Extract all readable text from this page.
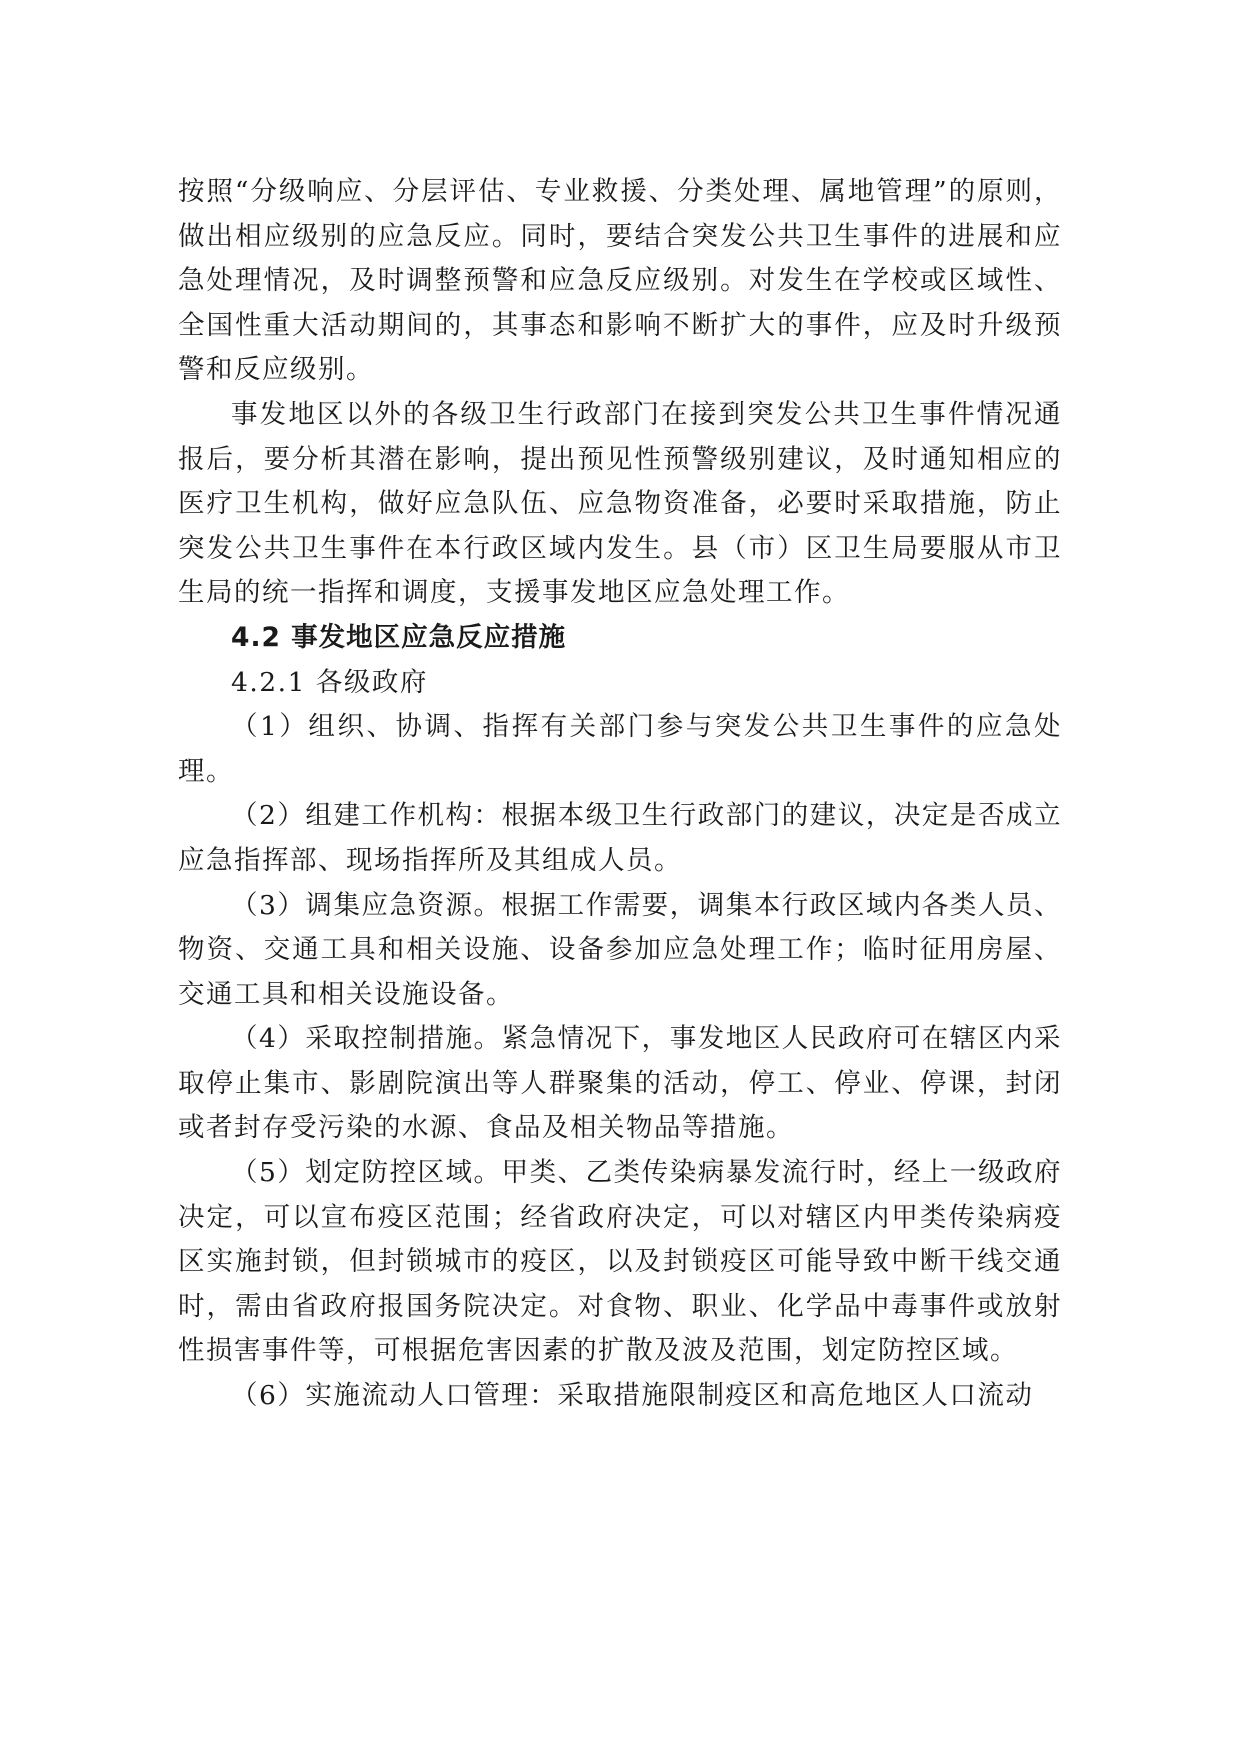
按照“分级响应、分层评估、专业救援、分类处理、属地管理”的原则，做出相应级别的应急反应。同时，要结合突发公共卫生事件的进展和应急处理情况，及时调整预警和应急反应级别。对发生在学校或区域性、全国性重大活动期间的，其事态和影响不断扩大的事件，应及时升级预警和反应级别。

事发地区以外的各级卫生行政部门在接到突发公共卫生事件情况通报后，要分析其潜在影响，提出预见性预警级别建议，及时通知相应的医疗卫生机构，做好应急队伍、应急物资准备，必要时采取措施，防止突发公共卫生事件在本行政区域内发生。县（市）区卫生局要服从市卫生局的统一指挥和调度，支援事发地区应急处理工作。

4.2 事发地区应急反应措施

4.2.1 各级政府

（1）组织、协调、指挥有关部门参与突发公共卫生事件的应急处理。

（2）组建工作机构：根据本级卫生行政部门的建议，决定是否成立应急指挥部、现场指挥所及其组成人员。

（3）调集应急资源。根据工作需要，调集本行政区域内各类人员、物资、交通工具和相关设施、设备参加应急处理工作；临时征用房屋、交通工具和相关设施设备。

（4）采取控制措施。紧急情况下，事发地区人民政府可在辖区内采取停止集市、影剧院演出等人群聚集的活动，停工、停业、停课，封闭或者封存受污染的水源、食品及相关物品等措施。

（5）划定防控区域。甲类、乙类传染病暴发流行时，经上一级政府决定，可以宣布疫区范围；经省政府决定，可以对辖区内甲类传染病疫区实施封锁，但封锁城市的疫区，以及封锁疫区可能导致中断干线交通时，需由省政府报国务院决定。对食物、职业、化学品中毒事件或放射性损害事件等，可根据危害因素的扩散及波及范围，划定防控区域。

（6）实施流动人口管理：采取措施限制疫区和高危地区人口流动
